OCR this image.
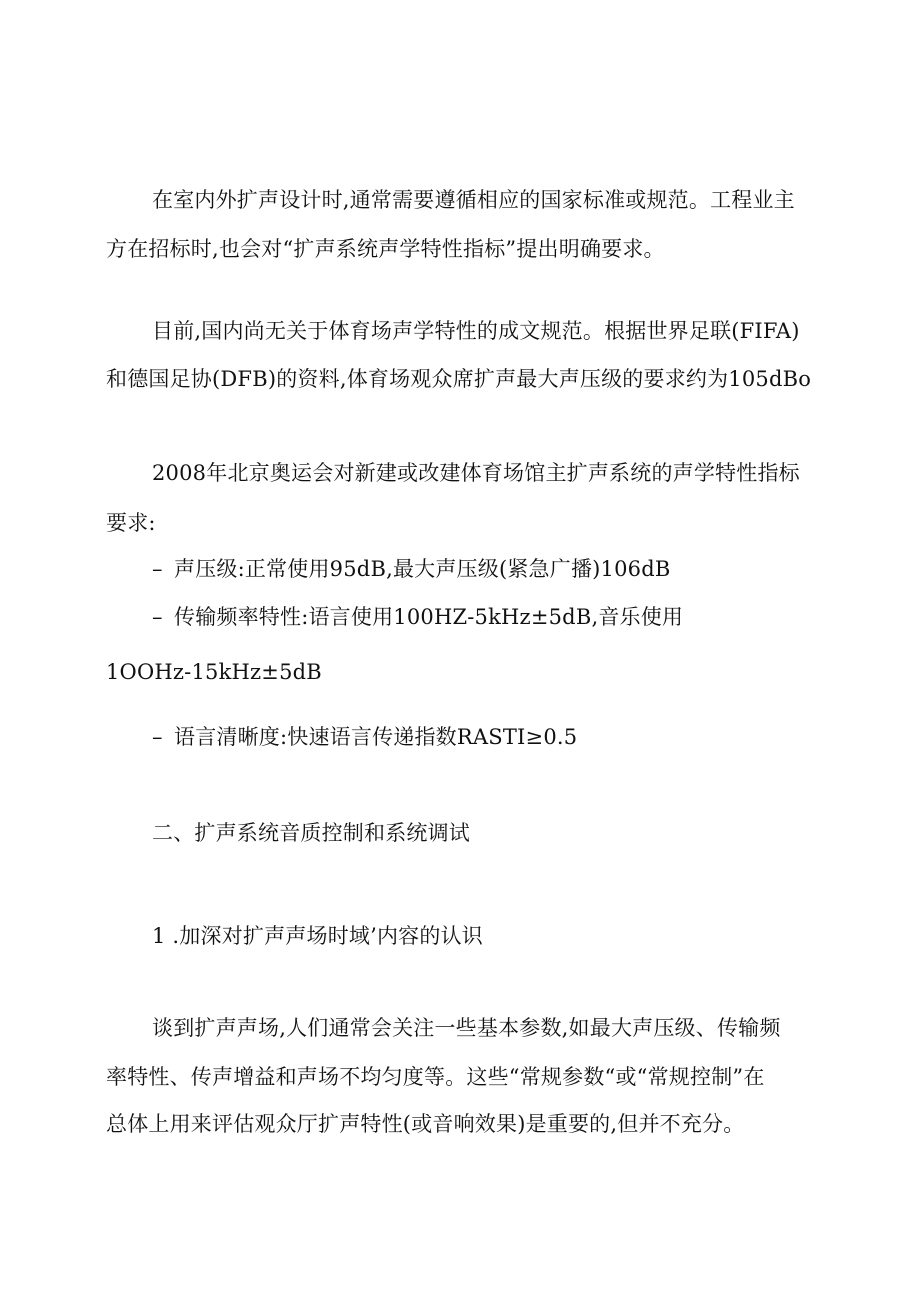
在室内外扩声设计时,通常需要遵循相应的国家标准或规范。工程业主
方在招标时,也会对“扩声系统声学特性指标”提出明确要求。
目前,国内尚无关于体育场声学特性的成文规范。根据世界足联(FIFA)
和德国足协(DFB)的资料,体育场观众席扩声最大声压级的要求约为105dBo
2008年北京奥运会对新建或改建体育场馆主扩声系统的声学特性指标
要求:
– 声压级:正常使用95dB,最大声压级(紧急广播)106dB
– 传输频率特性:语言使用100HZ-5kHz±5dB,音乐使用
1OOHz-15kHz±5dB
– 语言清晰度:快速语言传递指数RASTI≥0.5
二、扩声系统音质控制和系统调试
1 .加深对扩声声场时域’内容的认识
谈到扩声声场,人们通常会关注一些基本参数,如最大声压级、传输频
率特性、传声增益和声场不均匀度等。这些“常规参数“或“常规控制”在
总体上用来评估观众厅扩声特性(或音响效果)是重要的,但并不充分。
